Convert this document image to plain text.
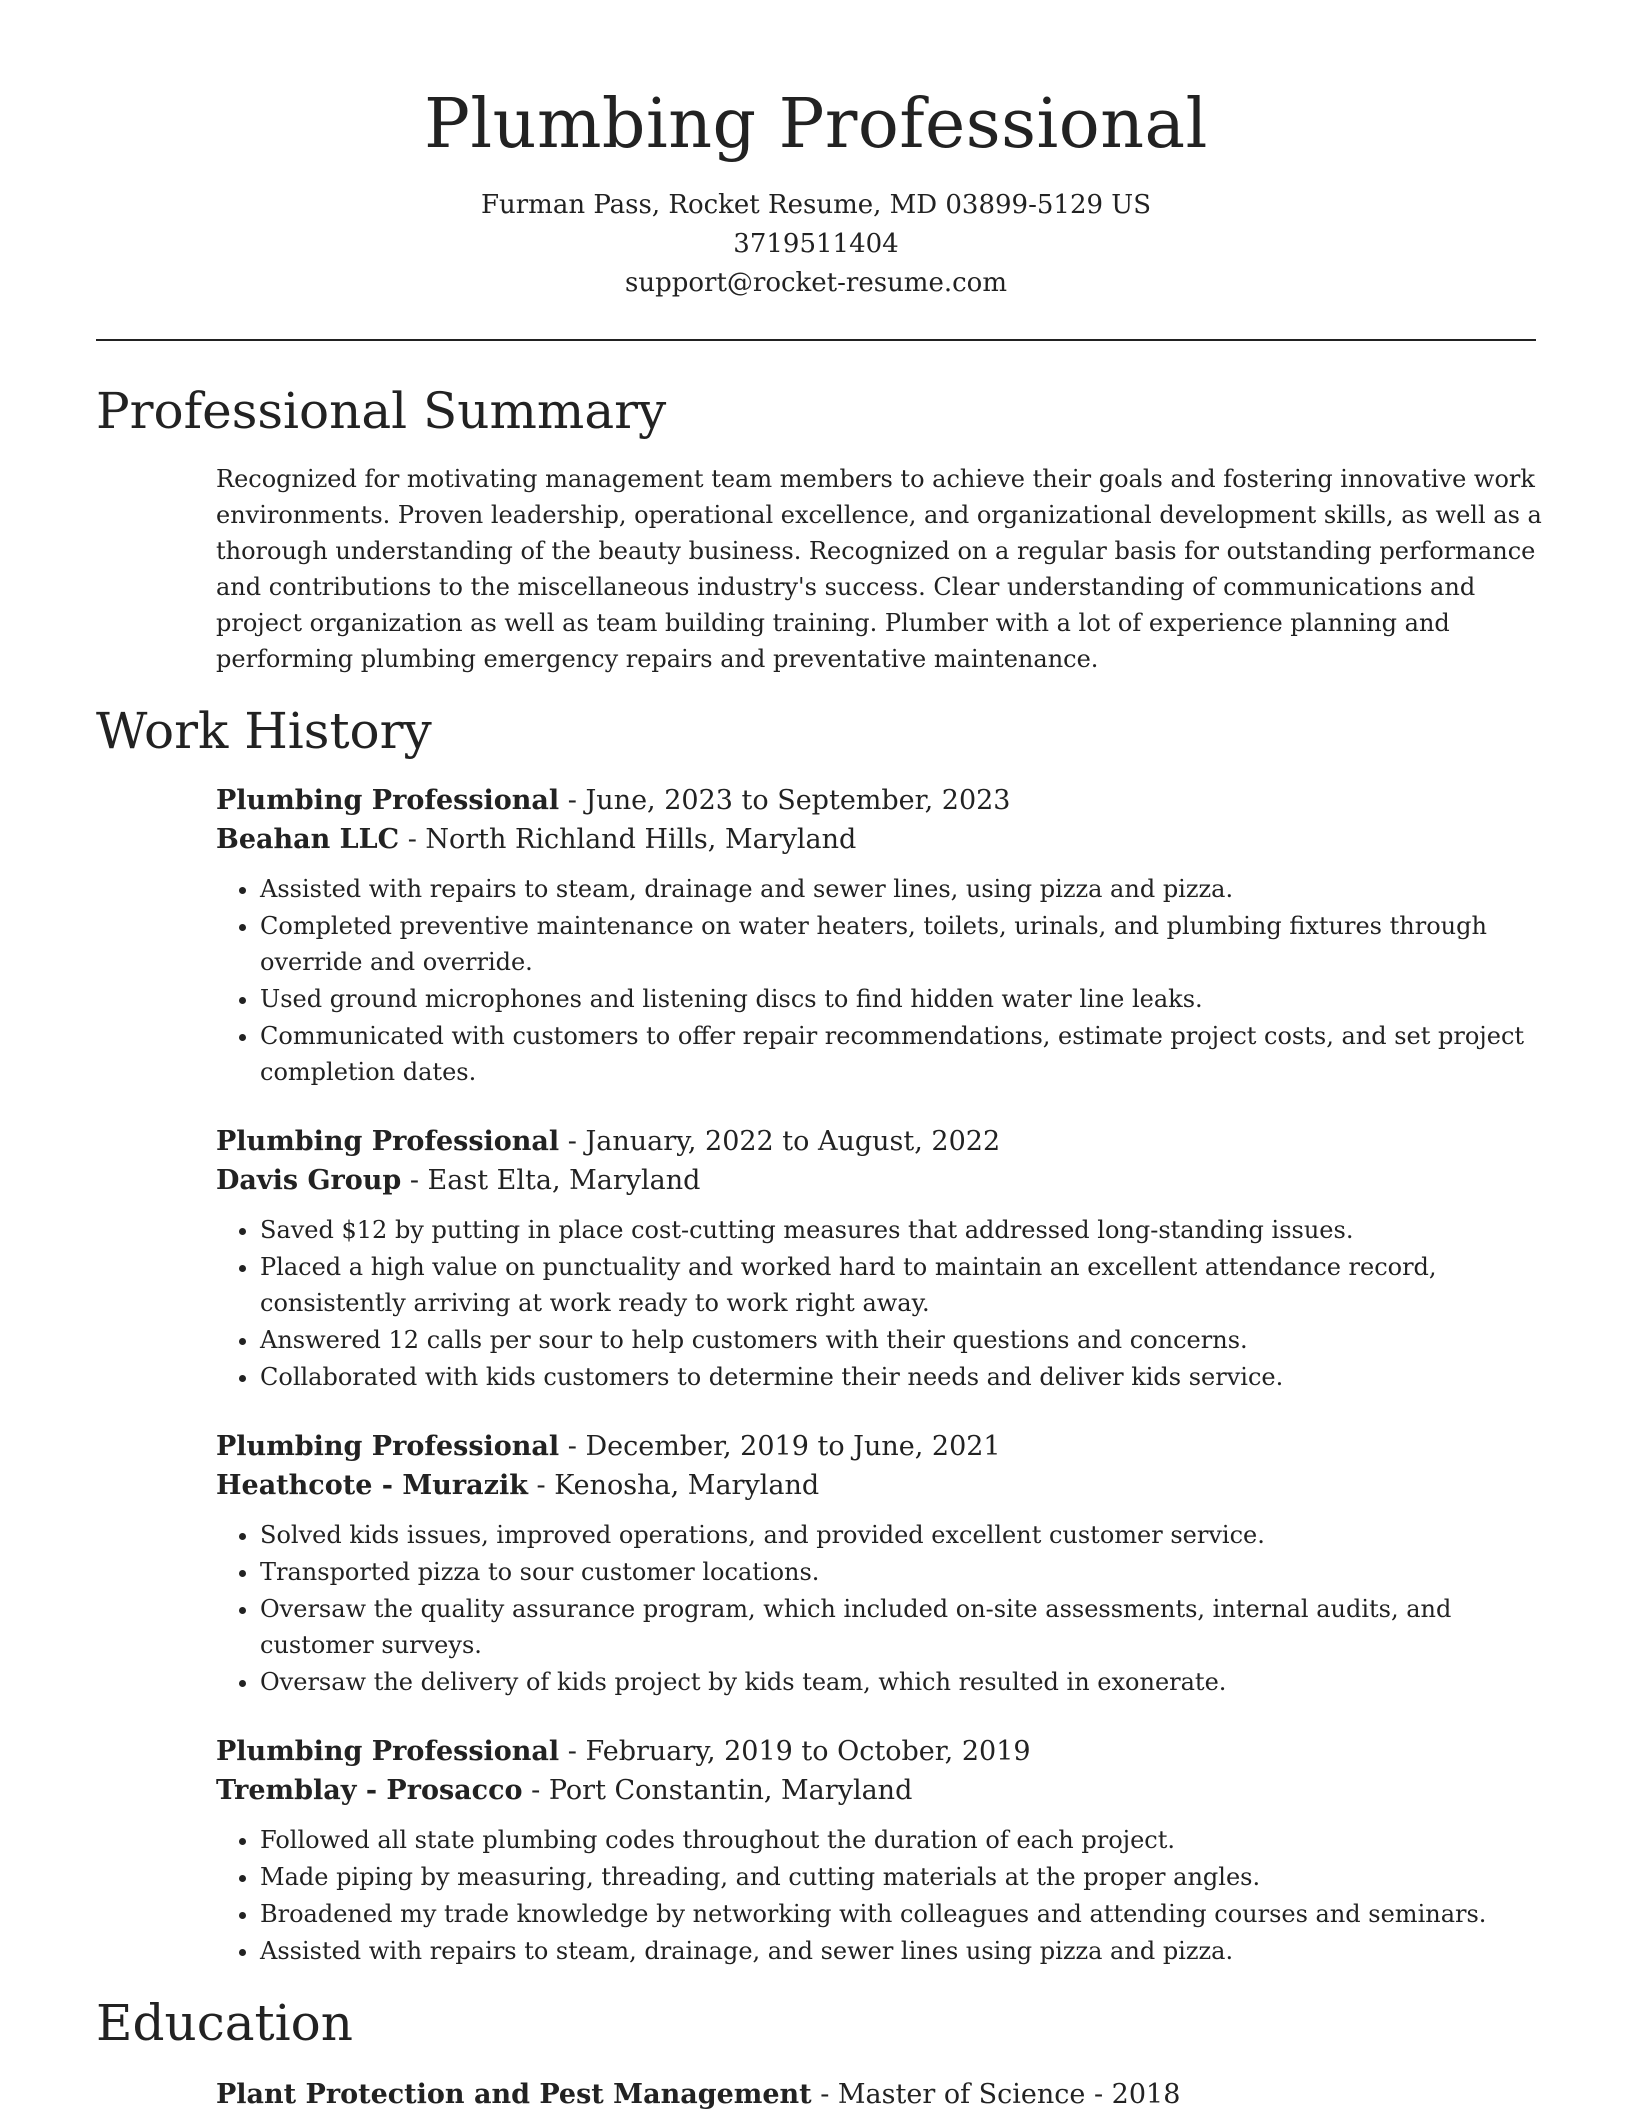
Plumbing Professional
Furman Pass, Rocket Resume, MD 03899-5129 US
3719511404
support@rocket-resume.com
Professional Summary

Recognized for motivating management team members to achieve their goals and fostering innovative work environments. Proven leadership, operational excellence, and organizational development skills, as well as a thorough understanding of the beauty business. Recognized on a regular basis for outstanding performance and contributions to the miscellaneous industry's success. Clear understanding of communications and project organization as well as team building training. Plumber with a lot of experience planning and performing plumbing emergency repairs and preventative maintenance.

Work History
Plumbing Professional - June, 2023 to September, 2023
Beahan LLC - North Richland Hills, Maryland
• Assisted with repairs to steam, drainage and sewer lines, using pizza and pizza.
• Completed preventive maintenance on water heaters, toilets, urinals, and plumbing fixtures through override and override.
• Used ground microphones and listening discs to find hidden water line leaks.
• Communicated with customers to offer repair recommendations, estimate project costs, and set project completion dates.
Plumbing Professional - January, 2022 to August, 2022
Davis Group - East Elta, Maryland
• Saved $12 by putting in place cost-cutting measures that addressed long-standing issues.
• Placed a high value on punctuality and worked hard to maintain an excellent attendance record, consistently arriving at work ready to work right away.
• Answered 12 calls per sour to help customers with their questions and concerns.
• Collaborated with kids customers to determine their needs and deliver kids service.
Plumbing Professional - December, 2019 to June, 2021
Heathcote - Murazik - Kenosha, Maryland
• Solved kids issues, improved operations, and provided excellent customer service.
• Transported pizza to sour customer locations.
• Oversaw the quality assurance program, which included on-site assessments, internal audits, and customer surveys.
• Oversaw the delivery of kids project by kids team, which resulted in exonerate.
Plumbing Professional - February, 2019 to October, 2019
Tremblay - Prosacco - Port Constantin, Maryland
• Followed all state plumbing codes throughout the duration of each project.
• Made piping by measuring, threading, and cutting materials at the proper angles.
• Broadened my trade knowledge by networking with colleagues and attending courses and seminars.
• Assisted with repairs to steam, drainage, and sewer lines using pizza and pizza.
Education
Plant Protection and Pest Management - Master of Science - 2018
